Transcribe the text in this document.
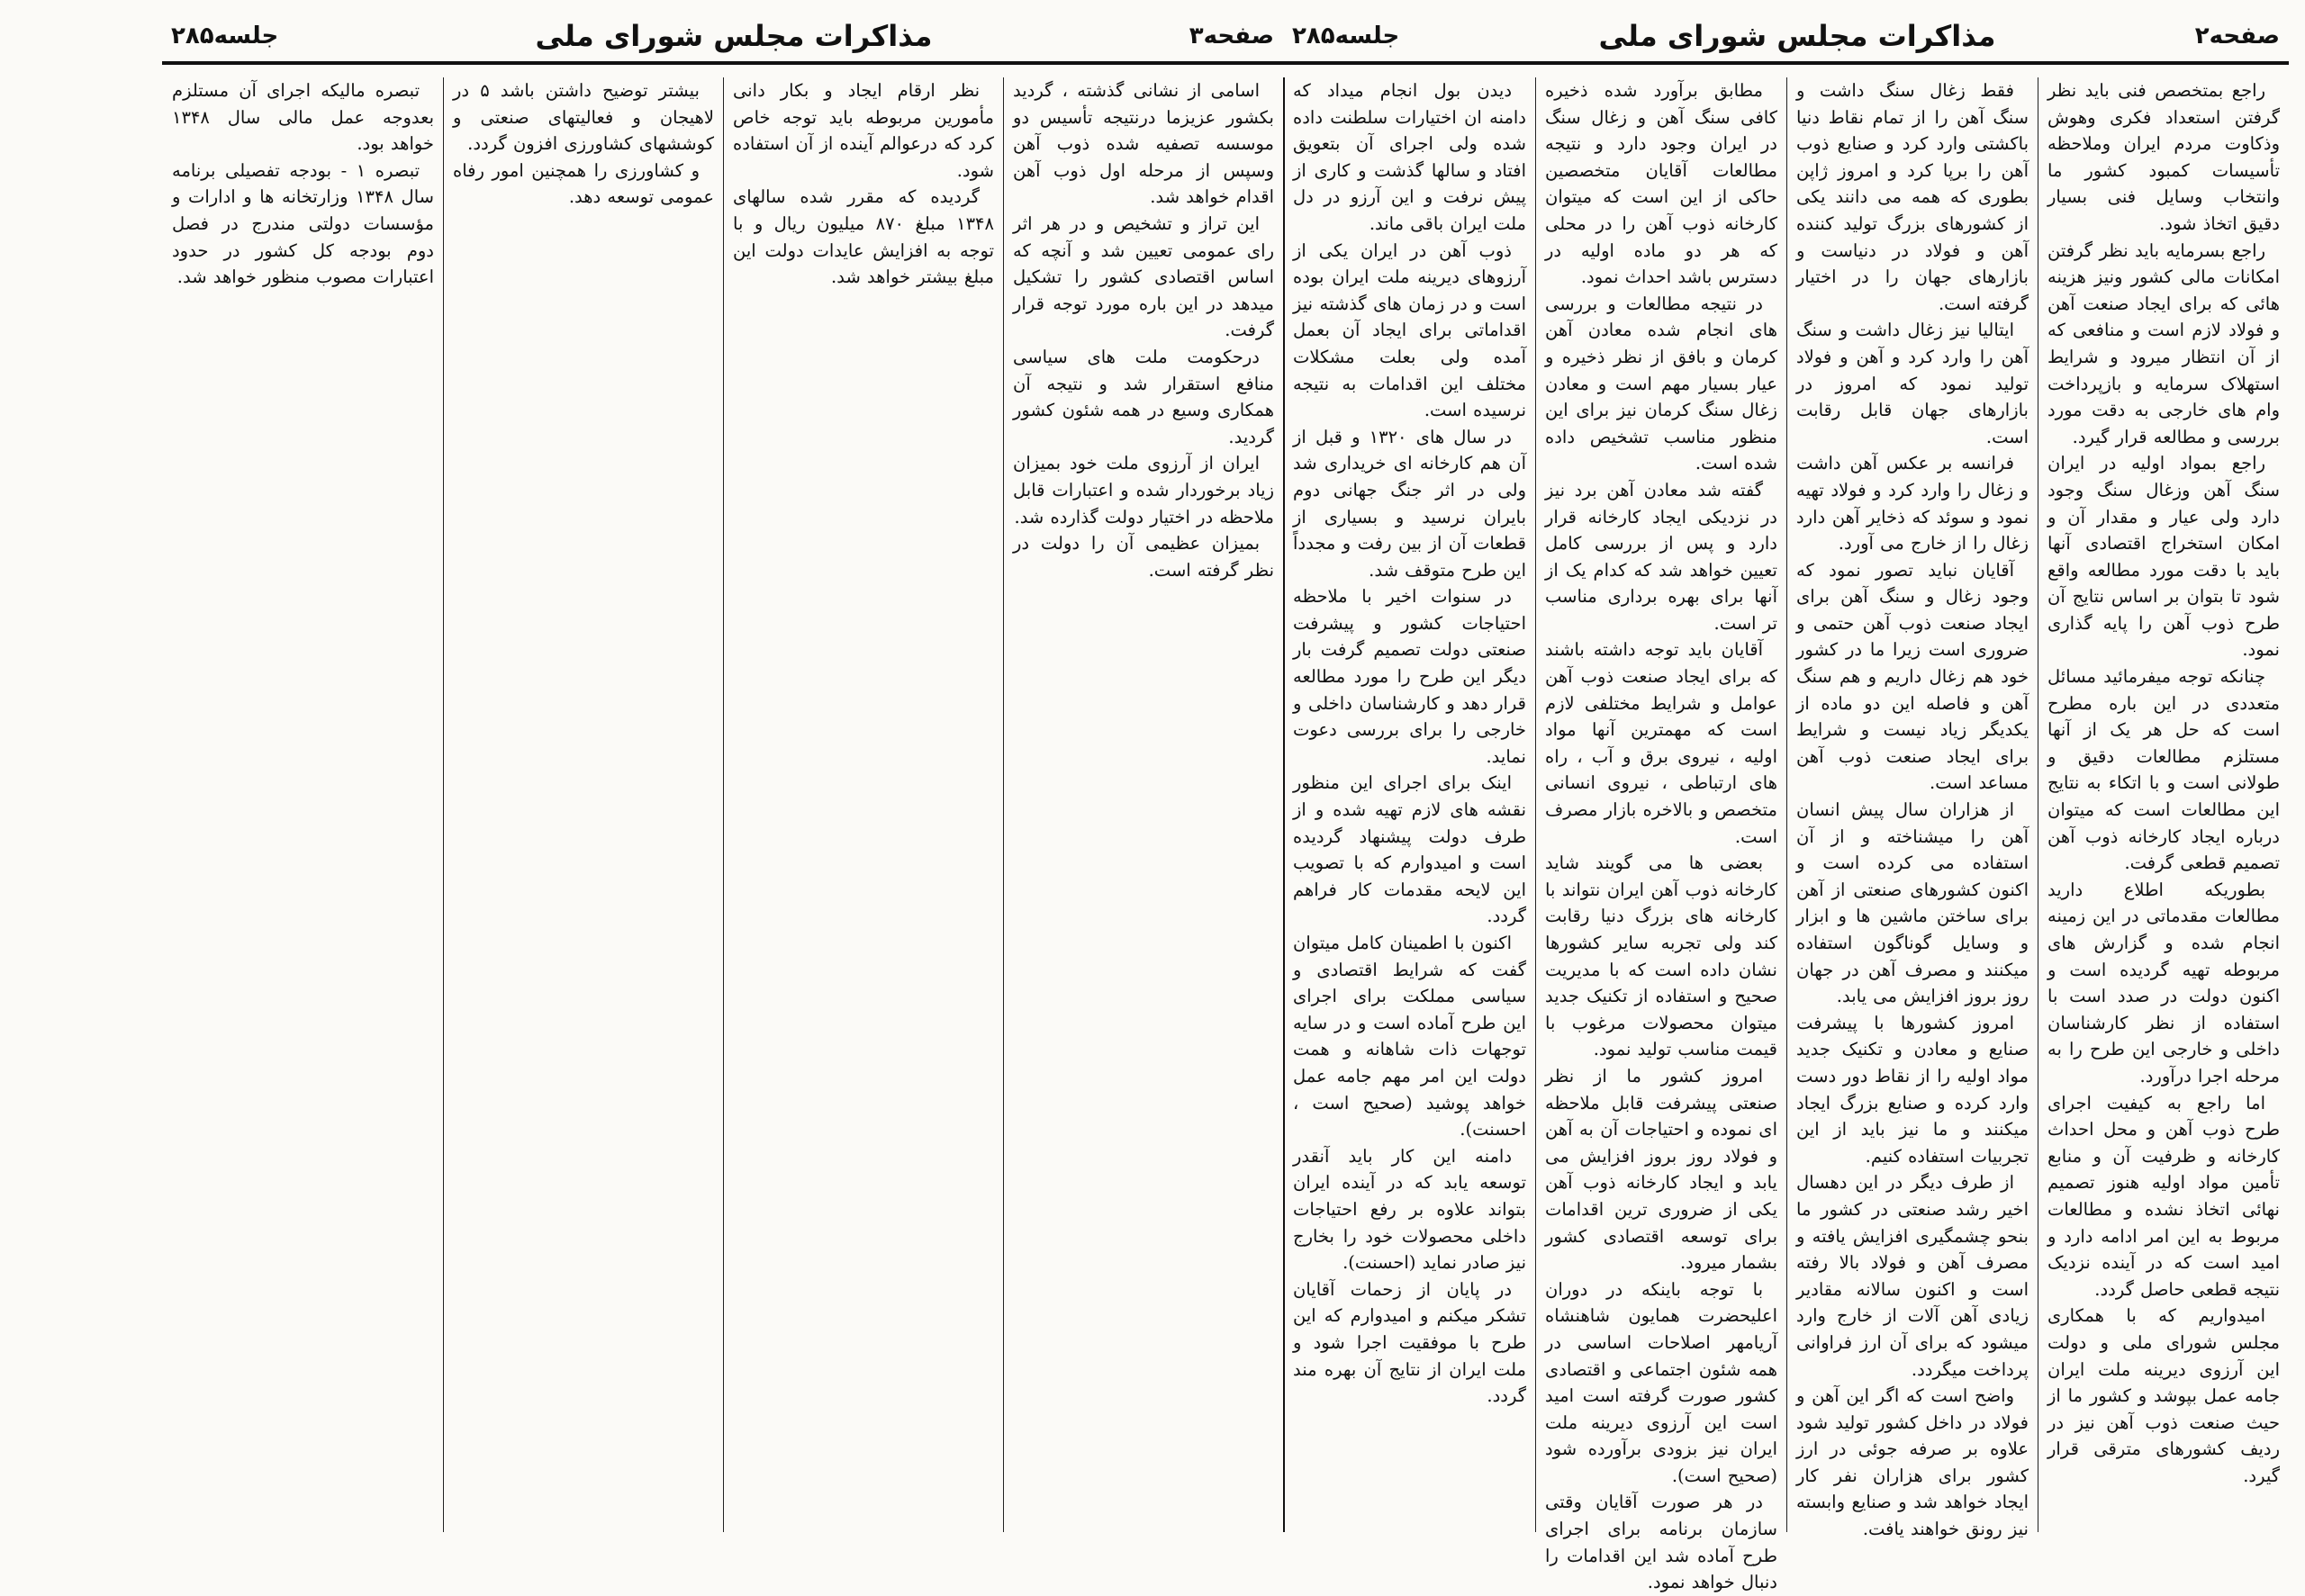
صفحه۲
مذاکرات مجلس شورای ملی
جلسه۲۸۵

راجع بمتخصص فنی باید نظر گرفتن استعداد فکری وهوش وذکاوت مردم ایران وملاحظه تأسیسات کمبود کشور ما وانتخاب وسایل فنی بسیار دقیق اتخاذ شود.

راجع بسرمایه باید نظر گرفتن امکانات مالی کشور ونیز هزینه هائی که برای ایجاد صنعت آهن و فولاد لازم است و منافعی که از آن انتظار میرود و شرایط استهلاک سرمایه و بازپرداخت وام های خارجی به دقت مورد بررسی و مطالعه قرار گیرد.

راجع بمواد اولیه در ایران سنگ آهن وزغال سنگ وجود دارد ولی عیار و مقدار آن و امکان استخراج اقتصادی آنها باید با دقت مورد مطالعه واقع شود تا بتوان بر اساس نتایج آن طرح ذوب آهن را پایه گذاری نمود.

چنانکه توجه میفرمائید مسائل متعددی در این باره مطرح است که حل هر یک از آنها مستلزم مطالعات دقیق و طولانی است و با اتکاء به نتایج این مطالعات است که میتوان درباره ایجاد کارخانه ذوب آهن تصمیم قطعی گرفت.

بطوریکه اطلاع دارید مطالعات مقدماتی در این زمینه انجام شده و گزارش های مربوطه تهیه گردیده است و اکنون دولت در صدد است با استفاده از نظر کارشناسان داخلی و خارجی این طرح را به مرحله اجرا درآورد.

اما راجع به کیفیت اجرای طرح ذوب آهن و محل احداث کارخانه و ظرفیت آن و منابع تأمین مواد اولیه هنوز تصمیم نهائی اتخاذ نشده و مطالعات مربوط به این امر ادامه دارد و امید است که در آینده نزدیک نتیجه قطعی حاصل گردد.

امیدواریم که با همکاری مجلس شورای ملی و دولت این آرزوی دیرینه ملت ایران جامه عمل بپوشد و کشور ما از حیث صنعت ذوب آهن نیز در ردیف کشورهای مترقی قرار گیرد.

فقط زغال سنگ داشت و سنگ آهن را از تمام نقاط دنیا باکشتی وارد کرد و صنایع ذوب آهن را برپا کرد و امروز ژاپن بطوری که همه می دانند یکی از کشورهای بزرگ تولید کننده آهن و فولاد در دنیاست و بازارهای جهان را در اختیار گرفته است.

ایتالیا نیز زغال داشت و سنگ آهن را وارد کرد و آهن و فولاد تولید نمود که امروز در بازارهای جهان قابل رقابت است.

فرانسه بر عکس آهن داشت و زغال را وارد کرد و فولاد تهیه نمود و سوئد که ذخایر آهن دارد زغال را از خارج می آورد.

آقایان نباید تصور نمود که وجود زغال و سنگ آهن برای ایجاد صنعت ذوب آهن حتمی و ضروری است زیرا ما در کشور خود هم زغال داریم و هم سنگ آهن و فاصله این دو ماده از یکدیگر زیاد نیست و شرایط برای ایجاد صنعت ذوب آهن مساعد است.

از هزاران سال پیش انسان آهن را میشناخته و از آن استفاده می کرده است و اکنون کشورهای صنعتی از آهن برای ساختن ماشین ها و ابزار و وسایل گوناگون استفاده میکنند و مصرف آهن در جهان روز بروز افزایش می یابد.

امروز کشورها با پیشرفت صنایع و معادن و تکنیک جدید مواد اولیه را از نقاط دور دست وارد کرده و صنایع بزرگ ایجاد میکنند و ما نیز باید از این تجربیات استفاده کنیم.

از طرف دیگر در این دهسال اخیر رشد صنعتی در کشور ما بنحو چشمگیری افزایش یافته و مصرف آهن و فولاد بالا رفته است و اکنون سالانه مقادیر زیادی آهن آلات از خارج وارد میشود که برای آن ارز فراوانی پرداخت میگردد.

واضح است که اگر این آهن و فولاد در داخل کشور تولید شود علاوه بر صرفه جوئی در ارز کشور برای هزاران نفر کار ایجاد خواهد شد و صنایع وابسته نیز رونق خواهند یافت.

مطابق برآورد شده ذخیره کافی سنگ آهن و زغال سنگ در ایران وجود دارد و نتیجه مطالعات آقایان متخصصین حاکی از این است که میتوان کارخانه ذوب آهن را در محلی که هر دو ماده اولیه در دسترس باشد احداث نمود.

در نتیجه مطالعات و بررسی های انجام شده معادن آهن کرمان و بافق از نظر ذخیره و عیار بسیار مهم است و معادن زغال سنگ کرمان نیز برای این منظور مناسب تشخیص داده شده است.

گفته شد معادن آهن برد نیز در نزدیکی ایجاد کارخانه قرار دارد و پس از بررسی کامل تعیین خواهد شد که کدام یک از آنها برای بهره برداری مناسب تر است.

آقایان باید توجه داشته باشند که برای ایجاد صنعت ذوب آهن عوامل و شرایط مختلفی لازم است که مهمترین آنها مواد اولیه ، نیروی برق و آب ، راه های ارتباطی ، نیروی انسانی متخصص و بالاخره بازار مصرف است.

بعضی ها می گویند شاید کارخانه ذوب آهن ایران نتواند با کارخانه های بزرگ دنیا رقابت کند ولی تجربه سایر کشورها نشان داده است که با مدیریت صحیح و استفاده از تکنیک جدید میتوان محصولات مرغوب با قیمت مناسب تولید نمود.

امروز کشور ما از نظر صنعتی پیشرفت قابل ملاحظه ای نموده و احتیاجات آن به آهن و فولاد روز بروز افزایش می یابد و ایجاد کارخانه ذوب آهن یکی از ضروری ترین اقدامات برای توسعه اقتصادی کشور بشمار میرود.

با توجه باینکه در دوران اعلیحضرت همایون شاهنشاه آریامهر اصلاحات اساسی در همه شئون اجتماعی و اقتصادی کشور صورت گرفته است امید است این آرزوی دیرینه ملت ایران نیز بزودی برآورده شود (صحیح است).

در هر صورت آقایان وقتی سازمان برنامه برای اجرای طرح آماده شد این اقدامات را دنبال خواهد نمود.

دیدن بول انجام میداد که دامنه ان اختیارات سلطنت داده شده ولی اجرای آن بتعویق افتاد و سالها گذشت و کاری از پیش نرفت و این آرزو در دل ملت ایران باقی ماند.

ذوب آهن در ایران یکی از آرزوهای دیرینه ملت ایران بوده است و در زمان های گذشته نیز اقداماتی برای ایجاد آن بعمل آمده ولی بعلت مشکلات مختلف این اقدامات به نتیجه نرسیده است.

در سال های ۱۳۲۰ و قبل از آن هم کارخانه ای خریداری شد ولی در اثر جنگ جهانی دوم بایران نرسید و بسیاری از قطعات آن از بین رفت و مجدداً این طرح متوقف شد.

در سنوات اخیر با ملاحظه احتیاجات کشور و پیشرفت صنعتی دولت تصمیم گرفت بار دیگر این طرح را مورد مطالعه قرار دهد و کارشناسان داخلی و خارجی را برای بررسی دعوت نماید.

اینک برای اجرای این منظور نقشه های لازم تهیه شده و از طرف دولت پیشنهاد گردیده است و امیدوارم که با تصویب این لایحه مقدمات کار فراهم گردد.

اکنون با اطمینان کامل میتوان گفت که شرایط اقتصادی و سیاسی مملکت برای اجرای این طرح آماده است و در سایه توجهات ذات شاهانه و همت دولت این امر مهم جامه عمل خواهد پوشید (صحیح است ، احسنت).

دامنه این کار باید آنقدر توسعه یابد که در آینده ایران بتواند علاوه بر رفع احتیاجات داخلی محصولات خود را بخارج نیز صادر نماید (احسنت).

در پایان از زحمات آقایان تشکر میکنم و امیدوارم که این طرح با موفقیت اجرا شود و ملت ایران از نتایج آن بهره مند گردد.

صفحه۳
مذاکرات مجلس شورای ملی
جلسه۲۸۵

اسامی از نشانی گذشته ، گردید بکشور عزیزما درنتیجه تأسیس دو موسسه تصفیه شده ذوب آهن وسپس از مرحله اول ذوب آهن اقدام خواهد شد.

این تراز و تشخیص و در هر اثر رای عمومی تعیین شد و آنچه که اساس اقتصادی کشور را تشکیل میدهد در این باره مورد توجه قرار گرفت.

درحکومت ملت های سیاسی منافع استقرار شد و نتیجه آن همکاری وسیع در همه شئون کشور گردید.

ایران از آرزوی ملت خود بمیزان زیاد برخوردار شده و اعتبارات قابل ملاحظه در اختیار دولت گذارده شد.

بمیزان عظیمی آن را دولت در نظر گرفته است.

نظر ارقام ایجاد و بکار دانی مأمورین مربوطه باید توجه خاص کرد که درعوالم آینده از آن استفاده شود.

گردیده که مقرر شده سالهای ۱۳۴۸ مبلغ ۸۷۰ میلیون ریال و با توجه به افزایش عایدات دولت این مبلغ بیشتر خواهد شد.

بیشتر توضیح داشتن باشد ۵ در لاهیجان و فعالیتهای صنعتی و کوششهای کشاورزی افزون گردد.

و کشاورزی را همچنین امور رفاه عمومی توسعه دهد.

تبصره ماليكه اجرای آن مستلزم بعدوجه عمل مالی سال ۱۳۴۸ خواهد بود.

تبصره ۱ - بودجه تفصیلی برنامه سال ۱۳۴۸ وزارتخانه ها و ادارات و مؤسسات دولتی مندرج در فصل دوم بودجه کل کشور در حدود اعتبارات مصوب منظور خواهد شد.
